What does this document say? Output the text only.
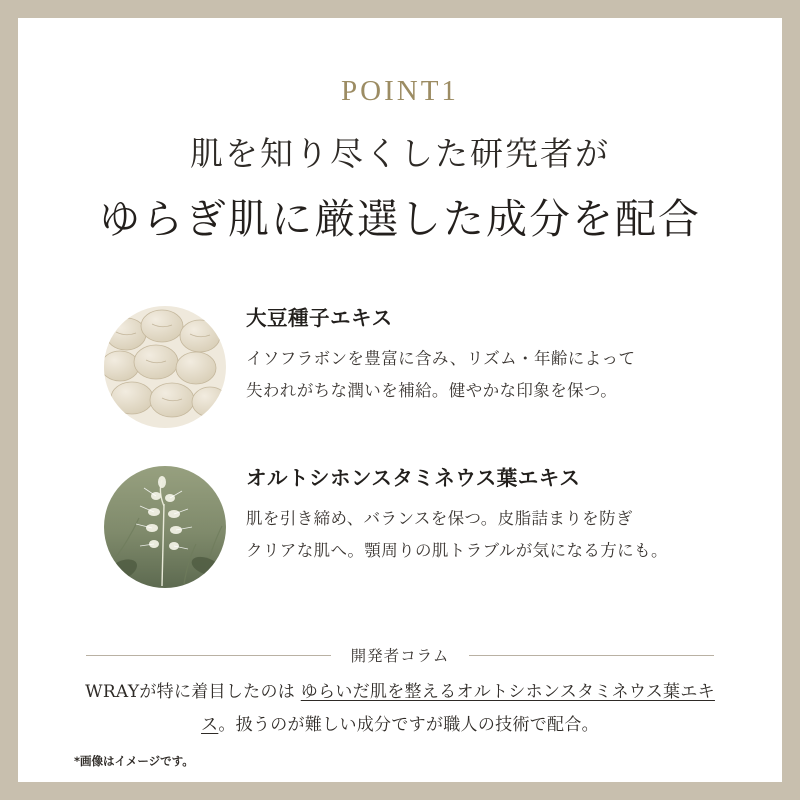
POINT1
肌を知り尽くした研究者が
ゆらぎ肌に厳選した成分を配合
大豆種子エキス
イソフラボンを豊富に含み、リズム・年齢によって
失われがちな潤いを補給。健やかな印象を保つ。
オルトシホンスタミネウス葉エキス
肌を引き締め、バランスを保つ。皮脂詰まりを防ぎ
クリアな肌へ。顎周りの肌トラブルが気になる方にも。
開発者コラム
WRAYが特に着目したのは ゆらいだ肌を整えるオルトシホンスタミネウス葉エキス。扱うのが難しい成分ですが職人の技術で配合。
*画像はイメージです。
